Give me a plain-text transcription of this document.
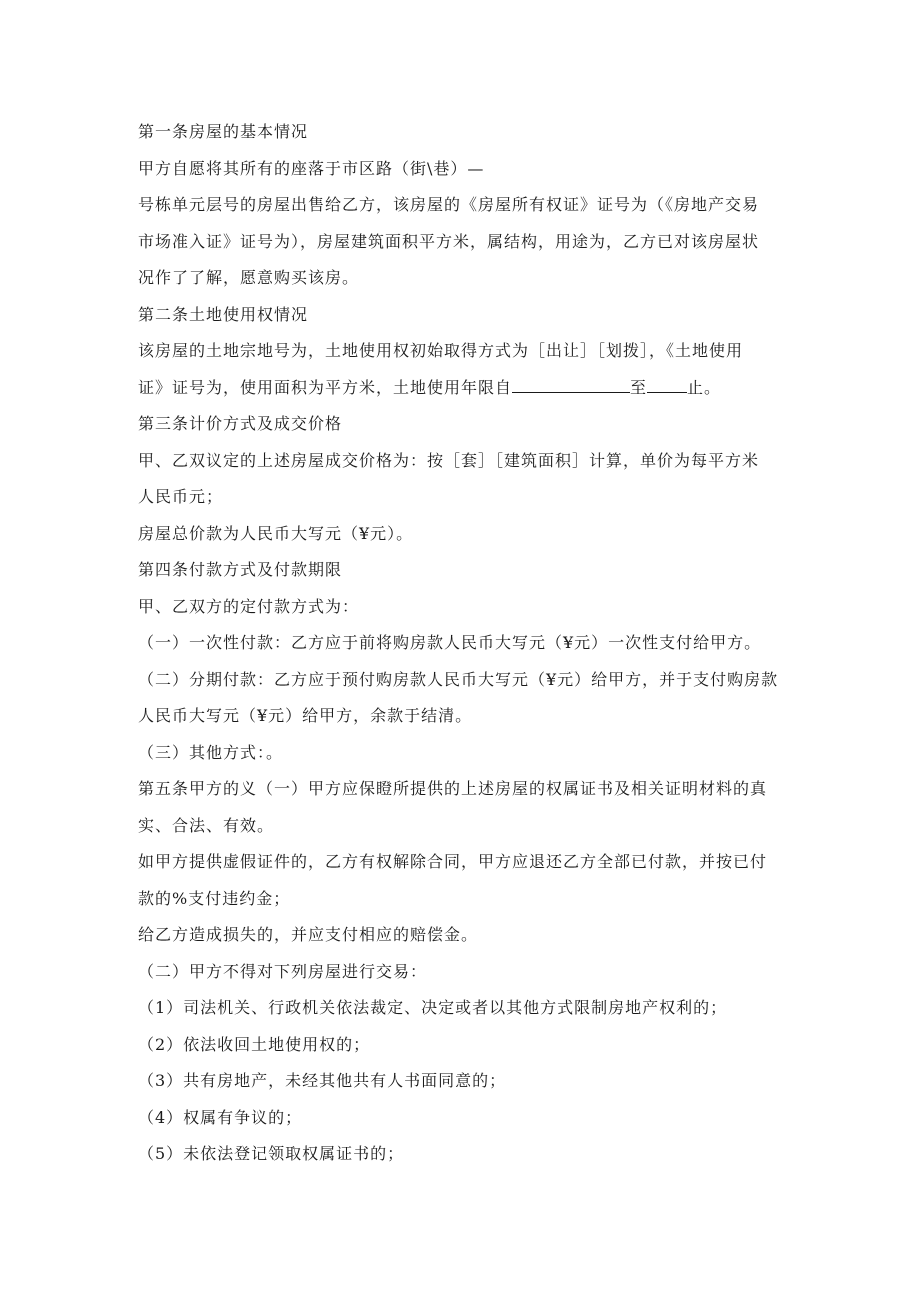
第一条房屋的基本情况
甲方自愿将其所有的座落于市区路（街\巷）—
号栋单元层号的房屋出售给乙方，该房屋的《房屋所有权证》证号为（《房地产交易
市场准入证》证号为），房屋建筑面积平方米，属结构，用途为，乙方已对该房屋状
况作了了解，愿意购买该房。
第二条土地使用权情况
该房屋的土地宗地号为，土地使用权初始取得方式为［出让］［划拨］，《土地使用
证》证号为，使用面积为平方米，土地使用年限自	至	止。
第三条计价方式及成交价格
甲、乙双议定的上述房屋成交价格为：按［套］［建筑面积］计算，单价为每平方米
人民币元；
房屋总价款为人民币大写元（¥元）。
第四条付款方式及付款期限
甲、乙双方的定付款方式为：
（一）一次性付款：乙方应于前将购房款人民币大写元（¥元）一次性支付给甲方。
（二）分期付款：乙方应于预付购房款人民币大写元（¥元）给甲方，并于支付购房款
人民币大写元（¥元）给甲方，余款于结清。
（三）其他方式：。
第五条甲方的义（一）甲方应保瞪所提供的上述房屋的权属证书及相关证明材料的真
实、合法、有效。
如甲方提供虚假证件的，乙方有权解除合同，甲方应退还乙方全部已付款，并按已付
款的%支付违约金；
给乙方造成损失的，并应支付相应的赔偿金。
（二）甲方不得对下列房屋进行交易：
（1）司法机关、行政机关依法裁定、决定或者以其他方式限制房地产权利的；
（2）依法收回土地使用权的；
（3）共有房地产，未经其他共有人书面同意的；
（4）权属有争议的；
（5）未依法登记领取权属证书的；
